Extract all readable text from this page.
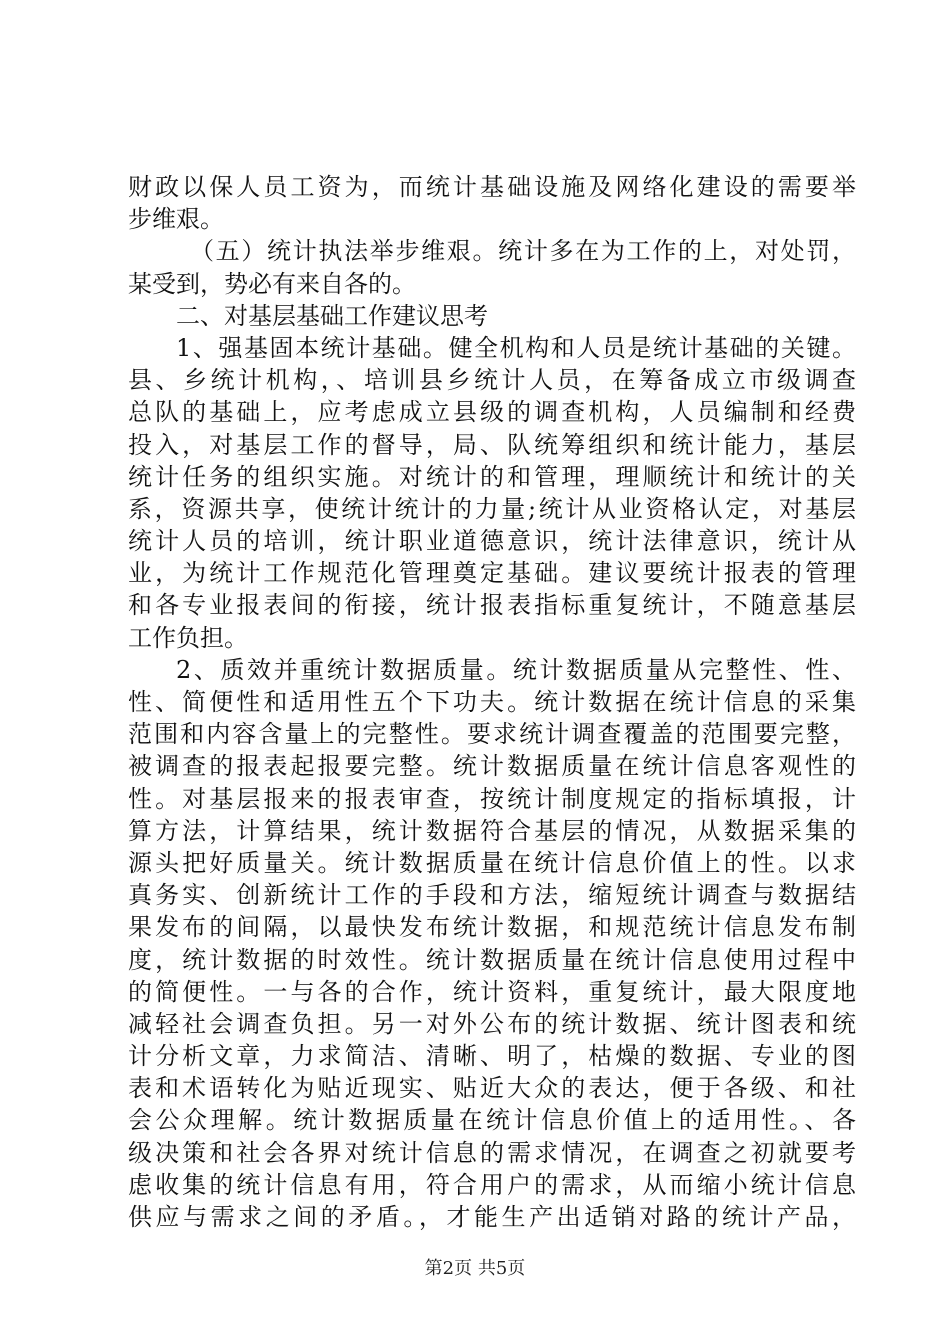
财政以保人员工资为，而统计基础设施及网络化建设的需要举
步维艰。
（五）统计执法举步维艰。统计多在为工作的上，对处罚，
某受到，势必有来自各的。
二、对基层基础工作建议思考
1、强基固本统计基础。健全机构和人员是统计基础的关键。
县、乡统计机构，、培训县乡统计人员，在筹备成立市级调查
总队的基础上，应考虑成立县级的调查机构，人员编制和经费
投入，对基层工作的督导，局、队统筹组织和统计能力，基层
统计任务的组织实施。对统计的和管理，理顺统计和统计的关
系，资源共享，使统计统计的力量;统计从业资格认定，对基层
统计人员的培训，统计职业道德意识，统计法律意识，统计从
业，为统计工作规范化管理奠定基础。建议要统计报表的管理
和各专业报表间的衔接，统计报表指标重复统计，不随意基层
工作负担。
2、质效并重统计数据质量。统计数据质量从完整性、性、
性、简便性和适用性五个下功夫。统计数据在统计信息的采集
范围和内容含量上的完整性。要求统计调查覆盖的范围要完整，
被调查的报表起报要完整。统计数据质量在统计信息客观性的
性。对基层报来的报表审查，按统计制度规定的指标填报，计
算方法，计算结果，统计数据符合基层的情况，从数据采集的
源头把好质量关。统计数据质量在统计信息价值上的性。以求
真务实、创新统计工作的手段和方法，缩短统计调查与数据结
果发布的间隔，以最快发布统计数据，和规范统计信息发布制
度，统计数据的时效性。统计数据质量在统计信息使用过程中
的简便性。一与各的合作，统计资料，重复统计，最大限度地
减轻社会调查负担。另一对外公布的统计数据、统计图表和统
计分析文章，力求简洁、清晰、明了，枯燥的数据、专业的图
表和术语转化为贴近现实、贴近大众的表达，便于各级、和社
会公众理解。统计数据质量在统计信息价值上的适用性。、各
级决策和社会各界对统计信息的需求情况，在调查之初就要考
虑收集的统计信息有用，符合用户的需求，从而缩小统计信息
供应与需求之间的矛盾。，才能生产出适销对路的统计产品，
第2页 共5页
